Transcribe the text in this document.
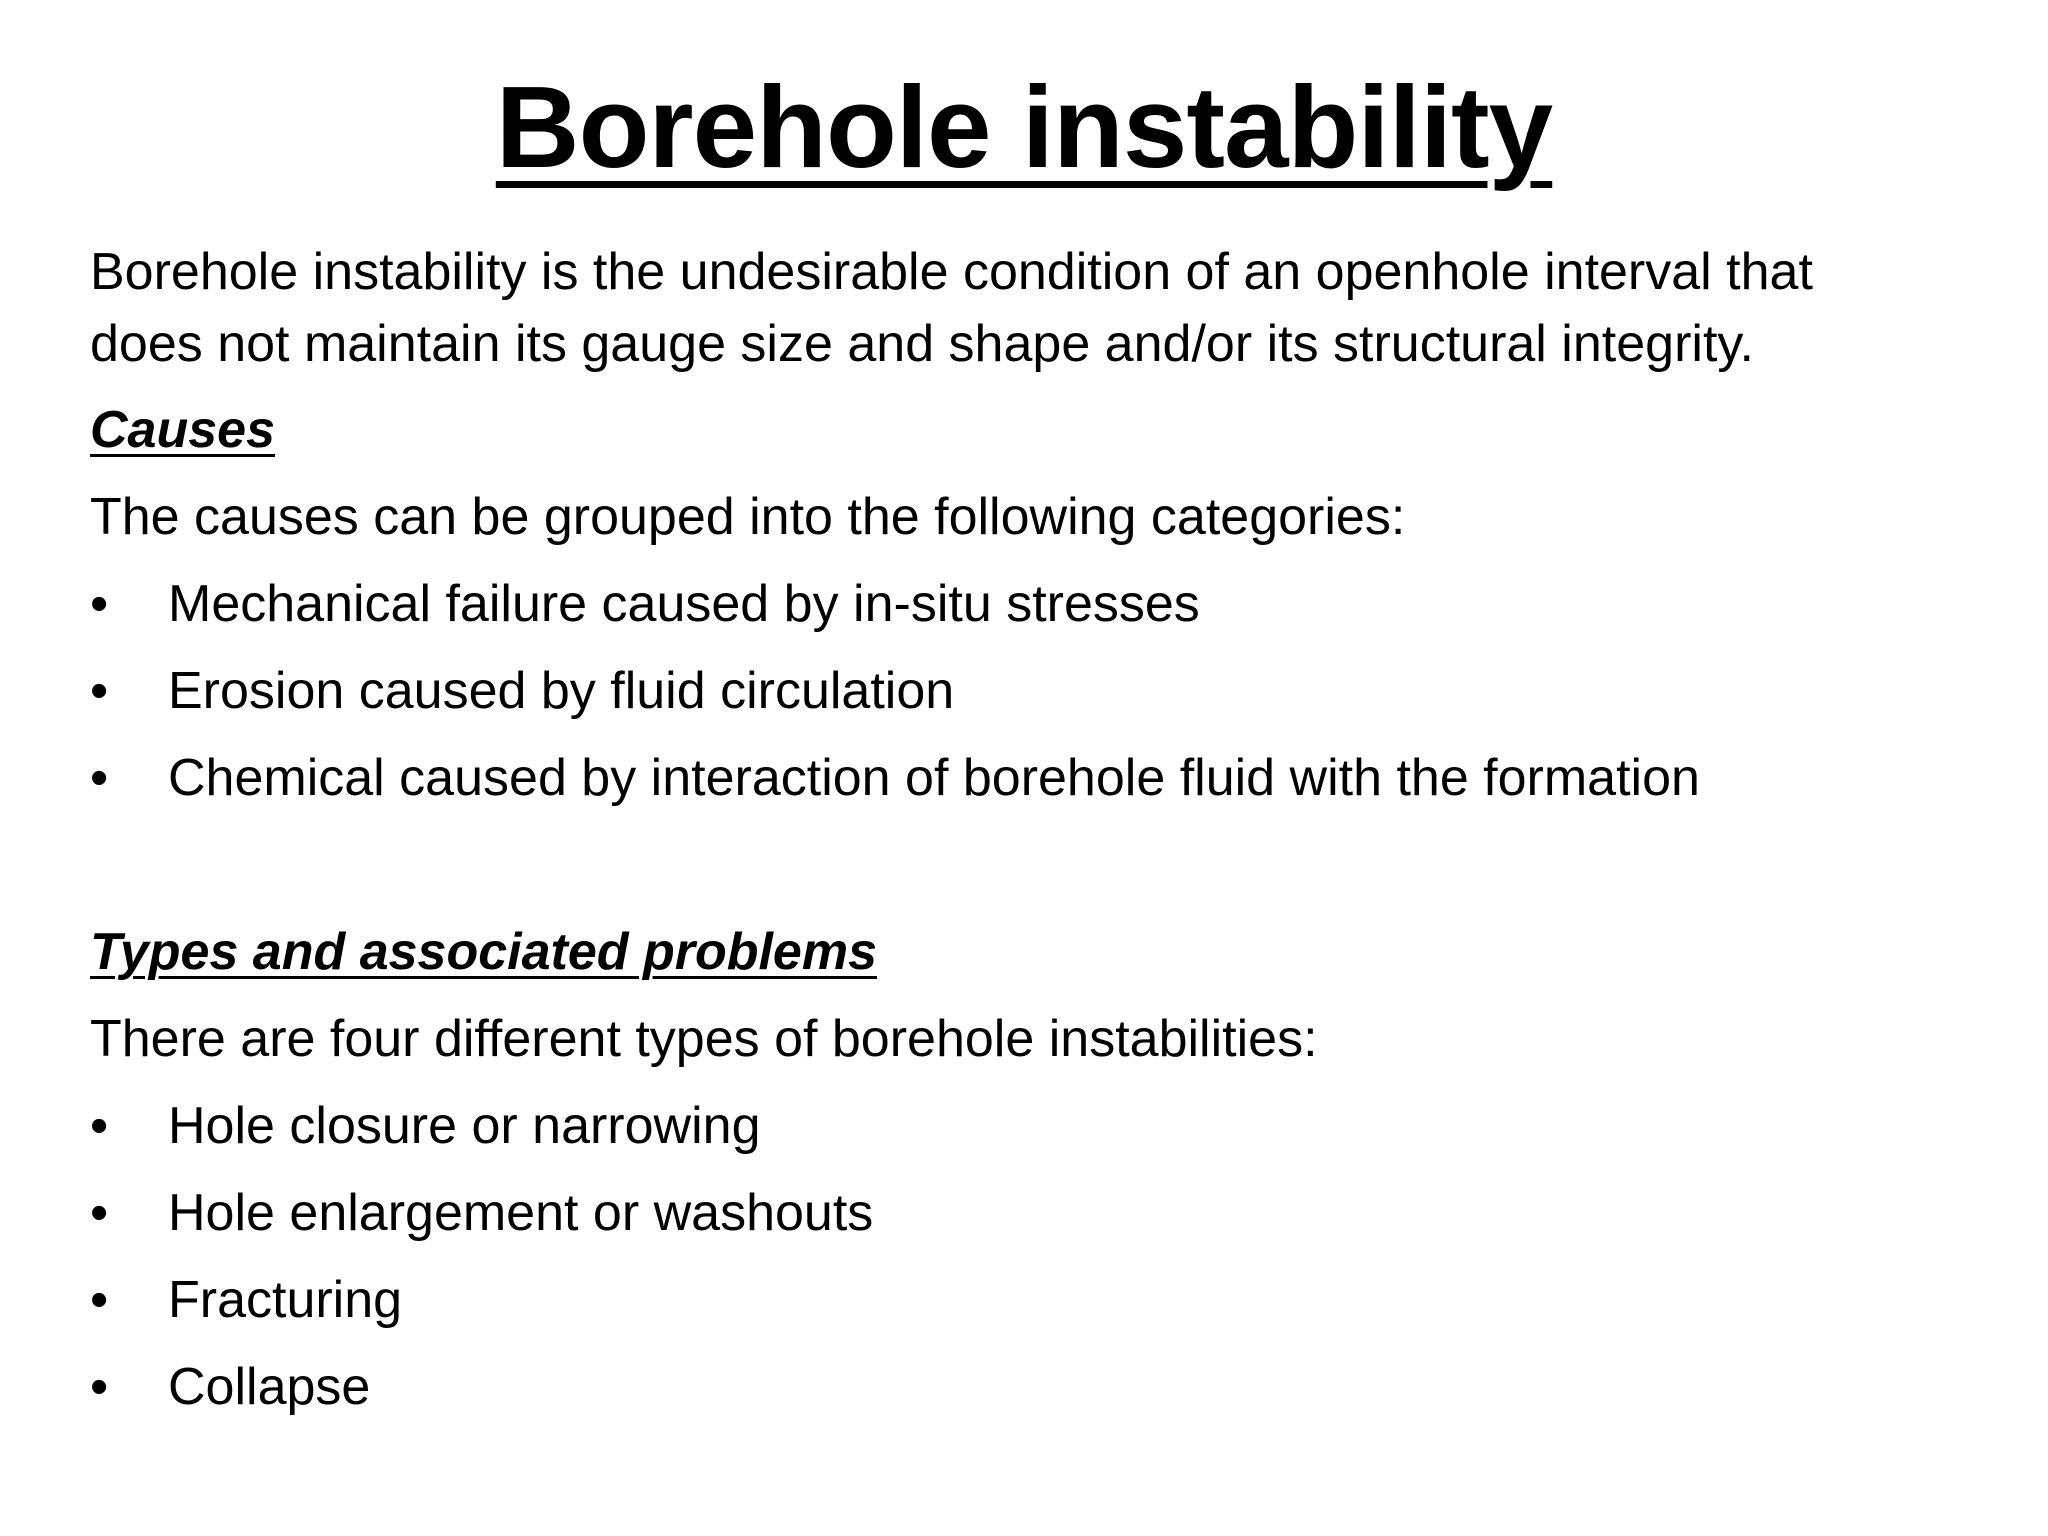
Borehole instability
Borehole instability is the undesirable condition of an openhole interval that
does not maintain its gauge size and shape and/or its structural integrity.
Causes
The causes can be grouped into the following categories:
•	Mechanical failure caused by in-situ stresses
•	Erosion caused by fluid circulation
•	Chemical caused by interaction of borehole fluid with the formation
Types and associated problems
There are four different types of borehole instabilities:
•	Hole closure or narrowing
•	Hole enlargement or washouts
•	Fracturing
•	Collapse
